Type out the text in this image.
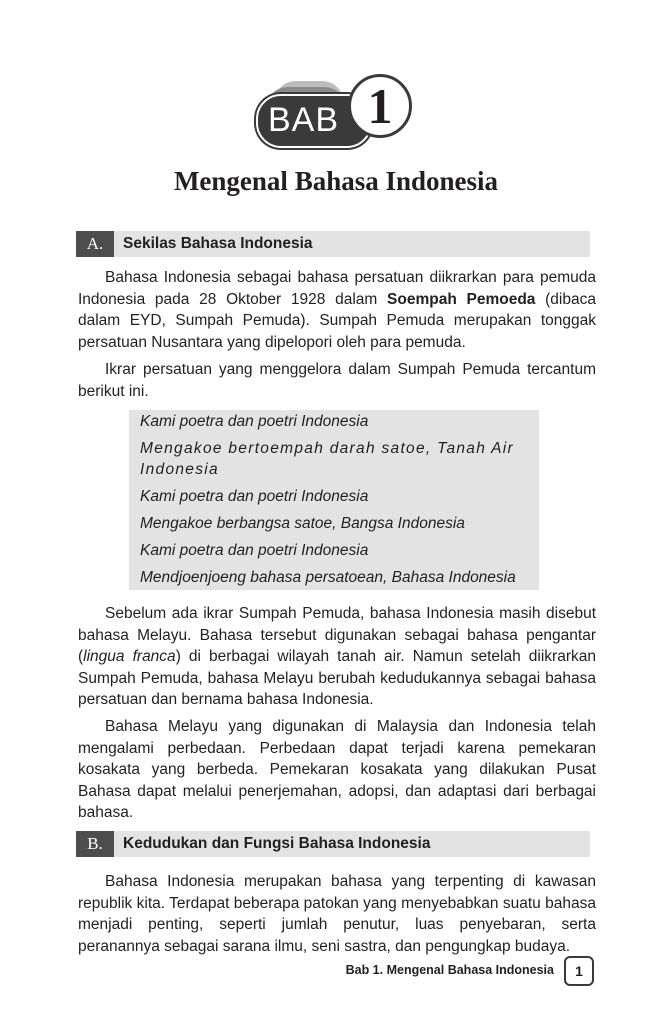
BAB 1
Mengenal Bahasa Indonesia
A.	Sekilas Bahasa Indonesia

Bahasa Indonesia sebagai bahasa persatuan diikrarkan para pemuda Indonesia pada 28 Oktober 1928 dalam Soempah Pemoeda (dibaca dalam EYD, Sumpah Pemuda). Sumpah Pemuda merupakan tonggak persatuan Nusantara yang dipelopori oleh para pemuda.

Ikrar persatuan yang menggelora dalam Sumpah Pemuda tercantum berikut ini.

Kami poetra dan poetri Indonesia

Mengakoe bertoempah darah satoe, Tanah Air Indonesia

Kami poetra dan poetri Indonesia

Mengakoe berbangsa satoe, Bangsa Indonesia

Kami poetra dan poetri Indonesia

Mendjoenjoeng bahasa persatoean, Bahasa Indonesia

Sebelum ada ikrar Sumpah Pemuda, bahasa Indonesia masih disebut bahasa Melayu. Bahasa tersebut digunakan sebagai bahasa pengantar (lingua franca) di berbagai wilayah tanah air. Namun setelah diikrarkan Sumpah Pemuda, bahasa Melayu berubah kedudukannya sebagai bahasa persatuan dan bernama bahasa Indonesia.

Bahasa Melayu yang digunakan di Malaysia dan Indonesia telah mengalami perbedaan. Perbedaan dapat terjadi karena pemekaran kosakata yang berbeda. Pemekaran kosakata yang dilakukan Pusat Bahasa dapat melalui penerjemahan, adopsi, dan adaptasi dari berbagai bahasa.

B.	Kedudukan dan Fungsi Bahasa Indonesia

Bahasa Indonesia merupakan bahasa yang terpenting di kawasan republik kita. Terdapat beberapa patokan yang menyebabkan suatu bahasa menjadi penting, seperti jumlah penutur, luas penyebaran, serta peranannya sebagai sarana ilmu, seni sastra, dan pengungkap budaya.

Bab 1. Mengenal Bahasa Indonesia	1
